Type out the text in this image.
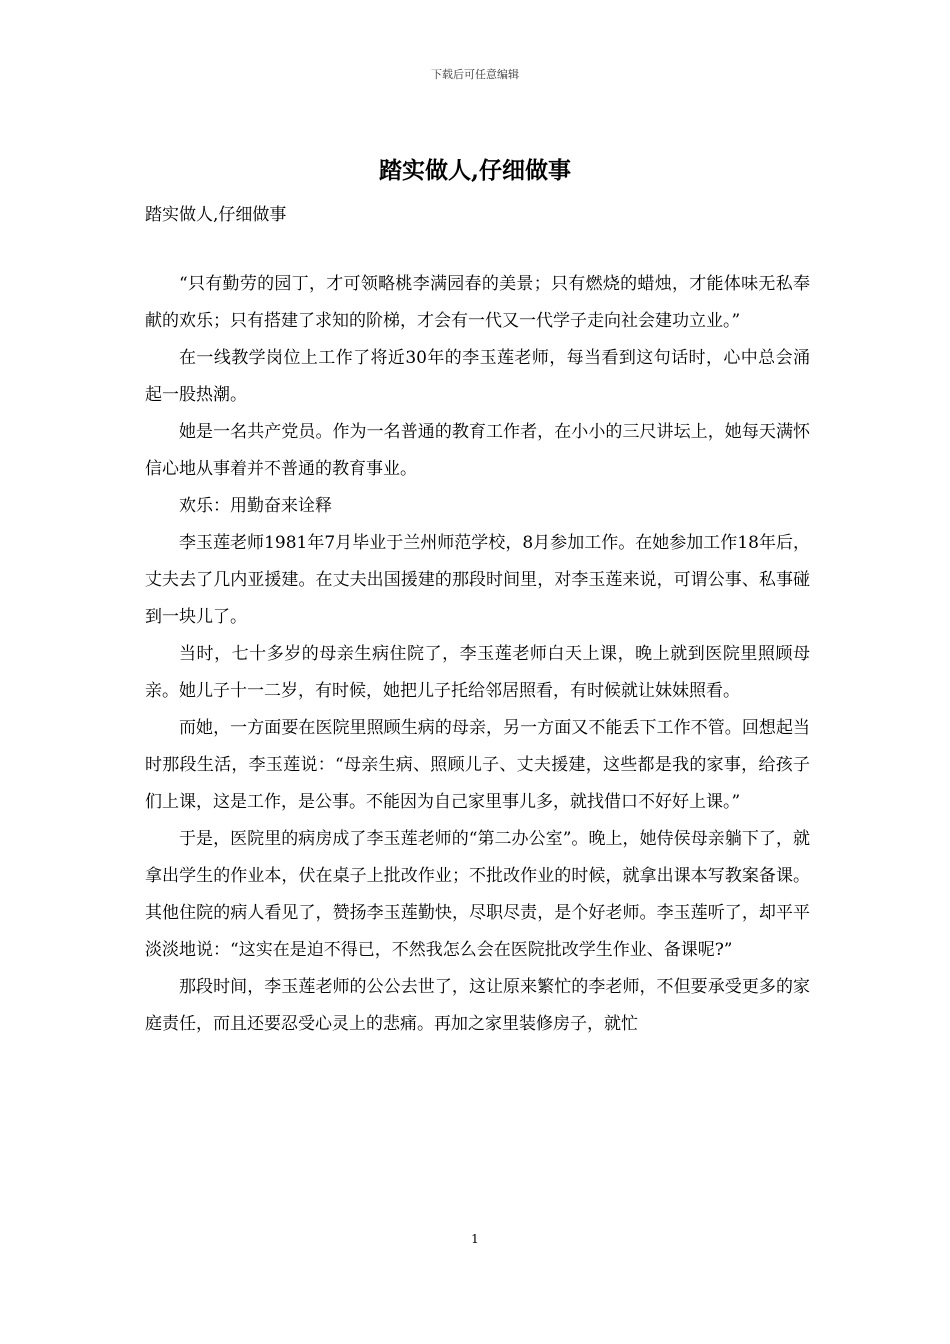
下载后可任意编辑
踏实做人,仔细做事
踏实做人,仔细做事

“只有勤劳的园丁，才可领略桃李满园春的美景；只有燃烧的蜡烛，才能体味无私奉献的欢乐；只有搭建了求知的阶梯，才会有一代又一代学子走向社会建功立业。”

在一线教学岗位上工作了将近30年的李玉莲老师，每当看到这句话时，心中总会涌起一股热潮。

她是一名共产党员。作为一名普通的教育工作者，在小小的三尺讲坛上，她每天满怀信心地从事着并不普通的教育事业。

欢乐：用勤奋来诠释

李玉莲老师1981年7月毕业于兰州师范学校，8月参加工作。在她参加工作18年后，丈夫去了几内亚援建。在丈夫出国援建的那段时间里，对李玉莲来说，可谓公事、私事碰到一块儿了。

当时，七十多岁的母亲生病住院了，李玉莲老师白天上课，晚上就到医院里照顾母亲。她儿子十一二岁，有时候，她把儿子托给邻居照看，有时候就让妹妹照看。

而她，一方面要在医院里照顾生病的母亲，另一方面又不能丢下工作不管。回想起当时那段生活，李玉莲说：“母亲生病、照顾儿子、丈夫援建，这些都是我的家事，给孩子们上课，这是工作，是公事。不能因为自己家里事儿多，就找借口不好好上课。”

于是，医院里的病房成了李玉莲老师的“第二办公室”。晚上，她侍侯母亲躺下了，就拿出学生的作业本，伏在桌子上批改作业；不批改作业的时候，就拿出课本写教案备课。其他住院的病人看见了，赞扬李玉莲勤快，尽职尽责，是个好老师。李玉莲听了，却平平淡淡地说：“这实在是迫不得已，不然我怎么会在医院批改学生作业、备课呢?”

那段时间，李玉莲老师的公公去世了，这让原来繁忙的李老师，不但要承受更多的家庭责任，而且还要忍受心灵上的悲痛。再加之家里装修房子，就忙

1
